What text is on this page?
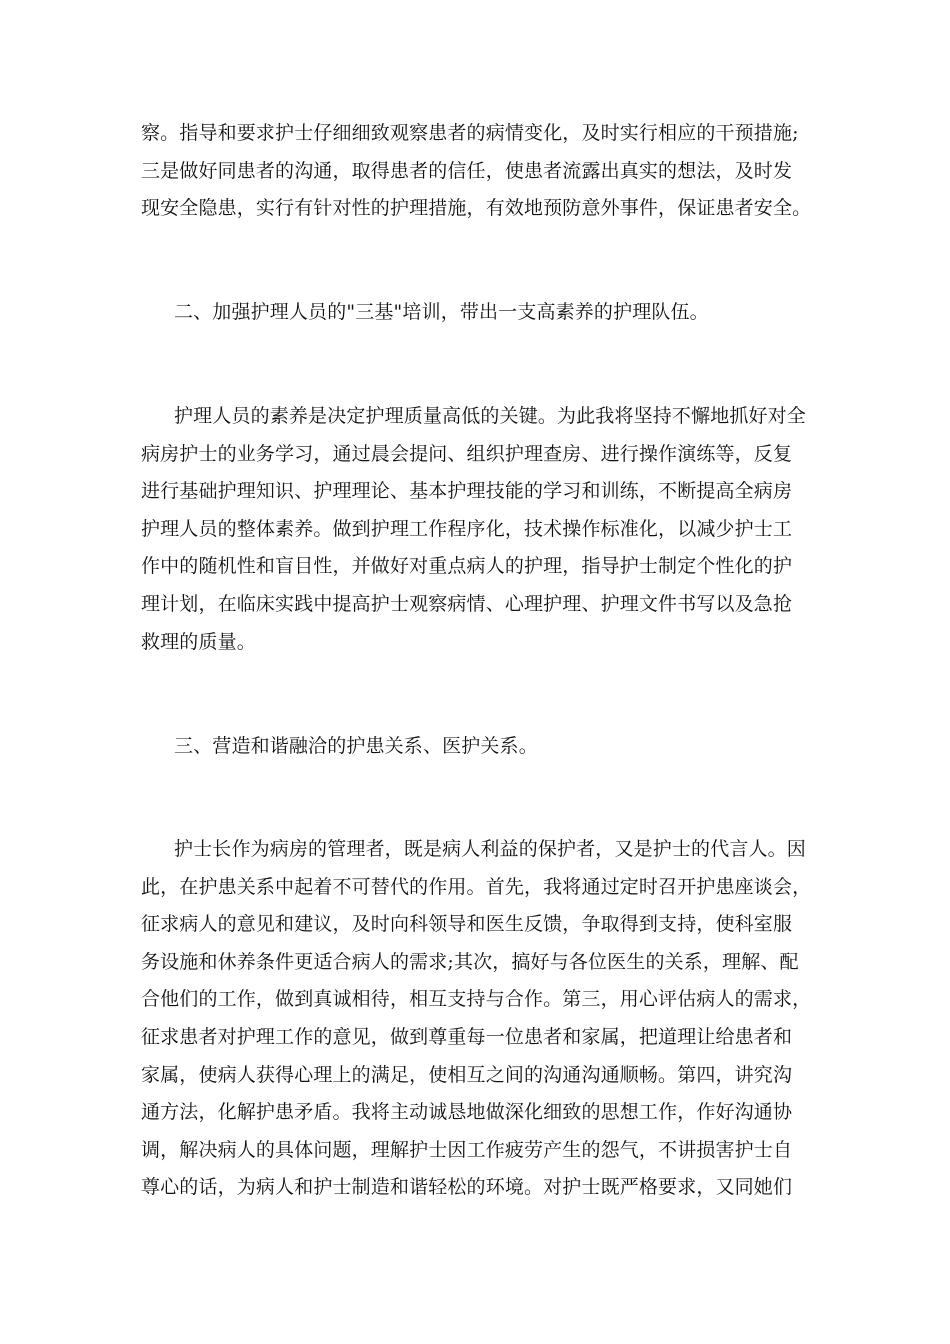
察。指导和要求护士仔细细致观察患者的病情变化，及时实行相应的干预措施;
三是做好同患者的沟通，取得患者的信任，使患者流露出真实的想法，及时发
现安全隐患，实行有针对性的护理措施，有效地预防意外事件，保证患者安全。

二、加强护理人员的"三基"培训，带出一支高素养的护理队伍。

护理人员的素养是决定护理质量高低的关键。为此我将坚持不懈地抓好对全
病房护士的业务学习，通过晨会提问、组织护理查房、进行操作演练等，反复
进行基础护理知识、护理理论、基本护理技能的学习和训练，不断提高全病房
护理人员的整体素养。做到护理工作程序化，技术操作标准化，以减少护士工
作中的随机性和盲目性，并做好对重点病人的护理，指导护士制定个性化的护
理计划，在临床实践中提高护士观察病情、心理护理、护理文件书写以及急抢
救理的质量。

三、营造和谐融洽的护患关系、医护关系。

护士长作为病房的管理者，既是病人利益的保护者，又是护士的代言人。因
此，在护患关系中起着不可替代的作用。首先，我将通过定时召开护患座谈会，
征求病人的意见和建议，及时向科领导和医生反馈，争取得到支持，使科室服
务设施和休养条件更适合病人的需求;其次，搞好与各位医生的关系，理解、配
合他们的工作，做到真诚相待，相互支持与合作。第三，用心评估病人的需求，
征求患者对护理工作的意见，做到尊重每一位患者和家属，把道理让给患者和
家属，使病人获得心理上的满足，使相互之间的沟通沟通顺畅。第四，讲究沟
通方法，化解护患矛盾。我将主动诚恳地做深化细致的思想工作，作好沟通协
调，解决病人的具体问题，理解护士因工作疲劳产生的怨气，不讲损害护士自
尊心的话，为病人和护士制造和谐轻松的环境。对护士既严格要求，又同她们
